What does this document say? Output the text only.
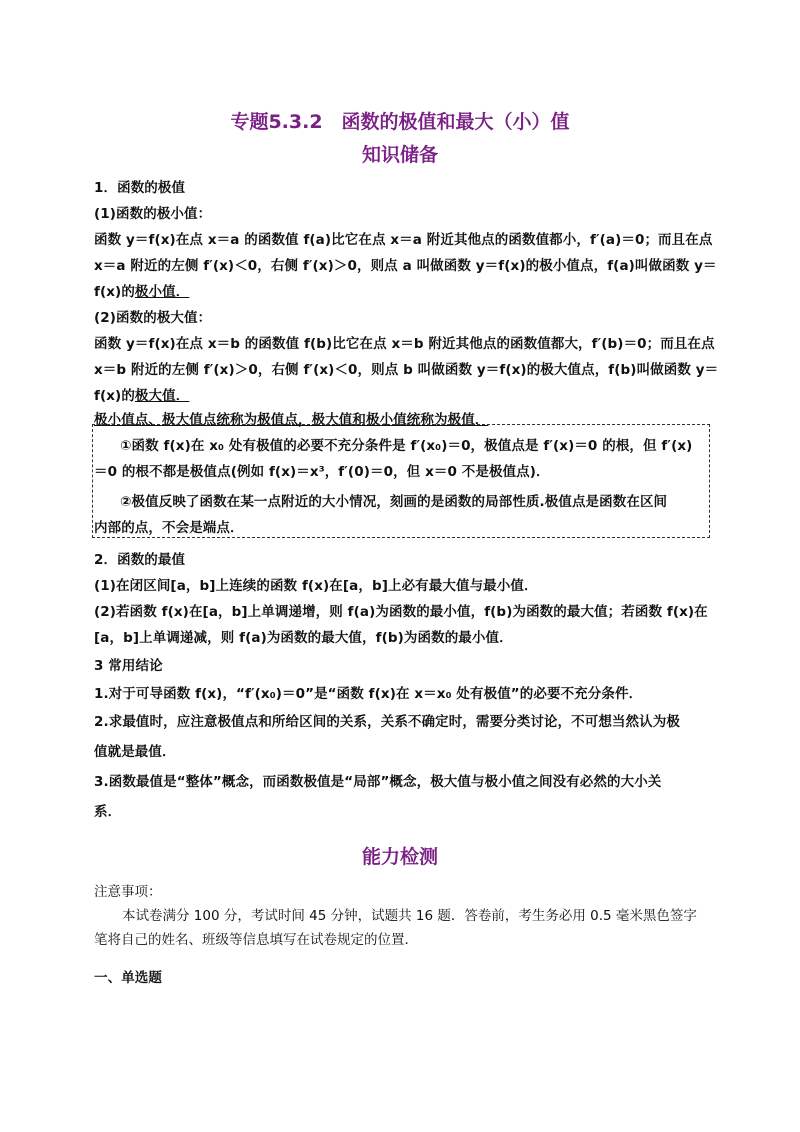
专题5.3.2　函数的极值和最大（小）值
知识储备
1．函数的极值
(1)函数的极小值：
函数 y＝f(x)在点 x＝a 的函数值 f(a)比它在点 x＝a 附近其他点的函数值都小，f′(a)＝0；而且在点
x＝a 附近的左侧 f′(x)＜0，右侧 f′(x)＞0，则点 a 叫做函数 y＝f(x)的极小值点，f(a)叫做函数 y＝
f(x)的极小值．
(2)函数的极大值：
函数 y＝f(x)在点 x＝b 的函数值 f(b)比它在点 x＝b 附近其他点的函数值都大，f′(b)＝0；而且在点
x＝b 附近的左侧 f′(x)＞0，右侧 f′(x)＜0，则点 b 叫做函数 y＝f(x)的极大值点，f(b)叫做函数 y＝
f(x)的极大值．
极小值点、极大值点统称为极值点，极大值和极小值统称为极值．
①函数 f(x)在 x₀ 处有极值的必要不充分条件是 f′(x₀)＝0，极值点是 f′(x)＝0 的根，但 f′(x)
＝0 的根不都是极值点(例如 f(x)＝x³，f′(0)＝0，但 x＝0 不是极值点)．
②极值反映了函数在某一点附近的大小情况，刻画的是函数的局部性质.极值点是函数在区间
内部的点，不会是端点．
2．函数的最值
(1)在闭区间[a，b]上连续的函数 f(x)在[a，b]上必有最大值与最小值．
(2)若函数 f(x)在[a，b]上单调递增，则 f(a)为函数的最小值，f(b)为函数的最大值；若函数 f(x)在
[a，b]上单调递减，则 f(a)为函数的最大值，f(b)为函数的最小值．
3 常用结论
1.对于可导函数 f(x)，“f′(x₀)＝0”是“函数 f(x)在 x＝x₀ 处有极值”的必要不充分条件．
2.求最值时，应注意极值点和所给区间的关系，关系不确定时，需要分类讨论，不可想当然认为极
值就是最值．
3.函数最值是“整体”概念，而函数极值是“局部”概念，极大值与极小值之间没有必然的大小关
系．
能力检测
注意事项：
本试卷满分 100 分，考试时间 45 分钟，试题共 16 题．答卷前，考生务必用 0.5 毫米黑色签字
笔将自己的姓名、班级等信息填写在试卷规定的位置．
一、单选题
